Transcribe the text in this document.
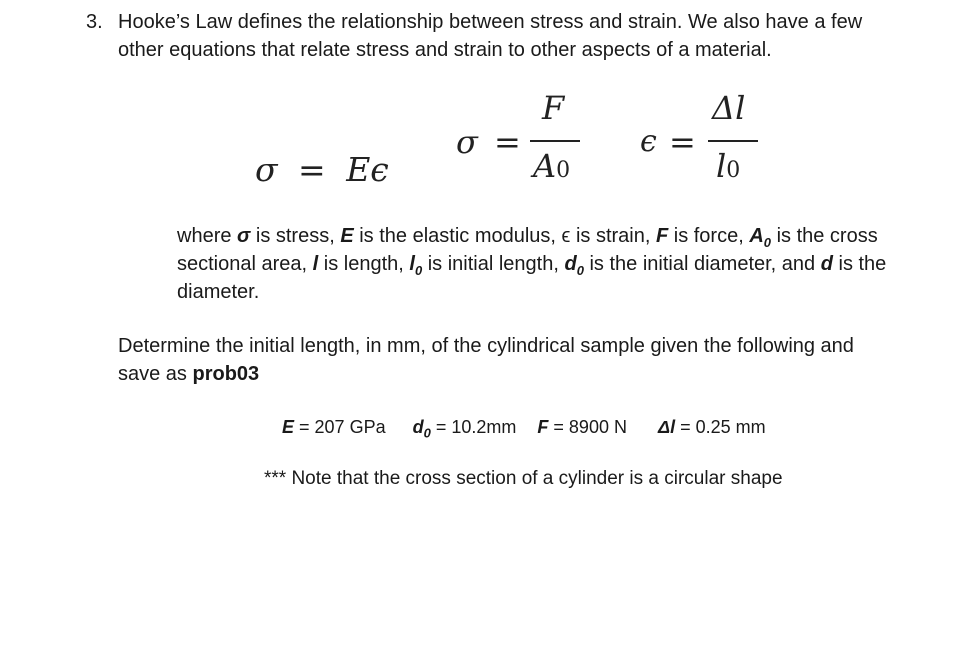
3. Hooke’s Law defines the relationship between stress and strain. We also have a few
other equations that relate stress and strain to other aspects of a material.
σ = Eϵ
σ =
F
A0
ϵ =
Δl
l0
where σ is stress, E is the elastic modulus, ϵ is strain, F is force, $A_0$ is the cross
sectional area, l is length, $l_0$ is initial length, $d_0$ is the initial diameter, and d is the
diameter.
Determine the initial length, in mm, of the cylindrical sample given the following and
save as prob03
E = 207 GPa $d_0 = 10.2mm$ F = 8900 N Δl = 0.25 mm
*** Note that the cross section of a cylinder is a circular shape
